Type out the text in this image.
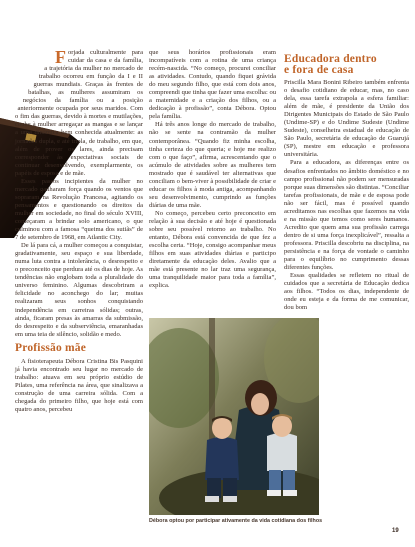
Forjada culturalmente para cuidar da casa e da família, a trajetória da mulher no mercado de trabalho ocorreu em função da I e II guerras mundiais. Graças às frentes de batalhas, as mulheres assumiram os negócios da família ou a posição anteriormente ocupada por seus maridos. Com o fim das guerras, devido à mortes e mutilações, coube à mulher arregaçar as mangas e se lançar a uma dinâmica bem conhecida atualmente: as jornadas dupla, e até tripla, de trabalho, em que, além de prover os lares, ainda precisam corresponder às expectativas sociais de continuar desenvolvendo, exemplarmente, os papéis de esposa e de mãe.

Esses passos incipientes da mulher no mercado ganharam força quando os ventos que sopraram na Revolução Francesa, agitando os pensamentos e questionando os direitos da mulher em sociedade, no final do século XVIII, começaram a brindar solo americano, o que culminou com a famosa “queima dos sutiãs” de 7 de setembro de 1968, em Atlantic City.

De lá para cá, a mulher começou a conquistar, gradativamente, seu espaço e sua liberdade, numa luta contra a intolerância, o desrespeito e o preconceito que perdura até os dias de hoje. As tendências não englobam toda a pluralidade do universo feminino. Algumas descobriram a felicidade no aconchego do lar; muitas realizaram seus sonhos conquistando independência em carreiras sólidas; outras, ainda, ficaram presas às amarras da submissão, do desrespeito e da subserviência, emaranhadas em uma teia de silêncio, solidão e medo.

Profissão mãe

A fisioterapeuta Débora Cristina Bis Pasquini já havia encontrado seu lugar no mercado de trabalho: atuava em seu próprio estúdio de Pilates, uma referência na área, que sinalizava a construção de uma carreira sólida. Com a chegada do primeiro filho, que hoje está com quatro anos, percebeu

que seus horários profissionais eram incompatíveis com a rotina de uma criança recém-nascida. “No começo, procurei conciliar as atividades. Contudo, quando fiquei grávida do meu segundo filho, que está com dois anos, compreendi que tinha que fazer uma escolha: ou a maternidade e a criação dos filhos, ou a dedicação à profissão”, conta Débora. Optou pela família.

Há três anos longe do mercado de trabalho, não se sente na contramão da mulher contemporânea. “Quando fiz minha escolha, tinha certeza do que queria; e hoje me realizo com o que faço”, afirma, acrescentando que o acúmulo de atividades sobre as mulheres tem mostrado que é saudável ter alternativas que conciliam o bem-viver à possibilidade de criar e educar os filhos à moda antiga, acompanhando seu desenvolvimento, cumprindo as funções diárias de uma mãe.

No começo, percebeu certo preconceito em relação à sua decisão e até hoje é questionada sobre seu possível retorno ao trabalho. No entanto, Débora está convencida de que fez a escolha certa. “Hoje, consigo acompanhar meus filhos em suas atividades diárias e participo diretamente da educação deles. Avalio que a mãe está presente no lar traz uma segurança, uma tranquilidade maior para toda a família”, explica.

Educadora dentro
e fora de casa

Priscilla Mara Bonini Ribeiro também enfrenta o desafio cotidiano de educar, mas, no caso dela, essa tarefa extrapola a esfera familiar: além de mãe, é presidente da União dos Dirigentes Municipais do Estado de São Paulo (Undime-SP) e do Undime Sudeste (Undime Sudeste), conselheira estadual de educação de São Paulo, secretária de educação de Guarujá (SP), mestre em educação e professora universitária.

Para a educadora, as diferenças entre os desafios enfrentados no âmbito doméstico e no campo profissional não podem ser mensuradas porque suas dimensões são distintas. “Conciliar tarefas profissionais, de mãe e de esposa pode não ser fácil, mas é possível quando acreditamos nas escolhas que fazemos na vida e na missão que temos como seres humanos. Acredito que quem ama sua profissão carrega dentro de si uma força inexplicável”, ressalta a professora. Priscilla descobriu na disciplina, na persistência e na força de vontade o caminho para o equilíbrio no cumprimento dessas diferentes funções.

Essas qualidades se refletem no ritual de cuidados que a secretária de Educação dedica aos filhos. “Todos os dias, independente de onde eu esteja e da forma de me comunicar, dou bom

Débora optou por participar ativamente da vida cotidiana dos filhos
19
